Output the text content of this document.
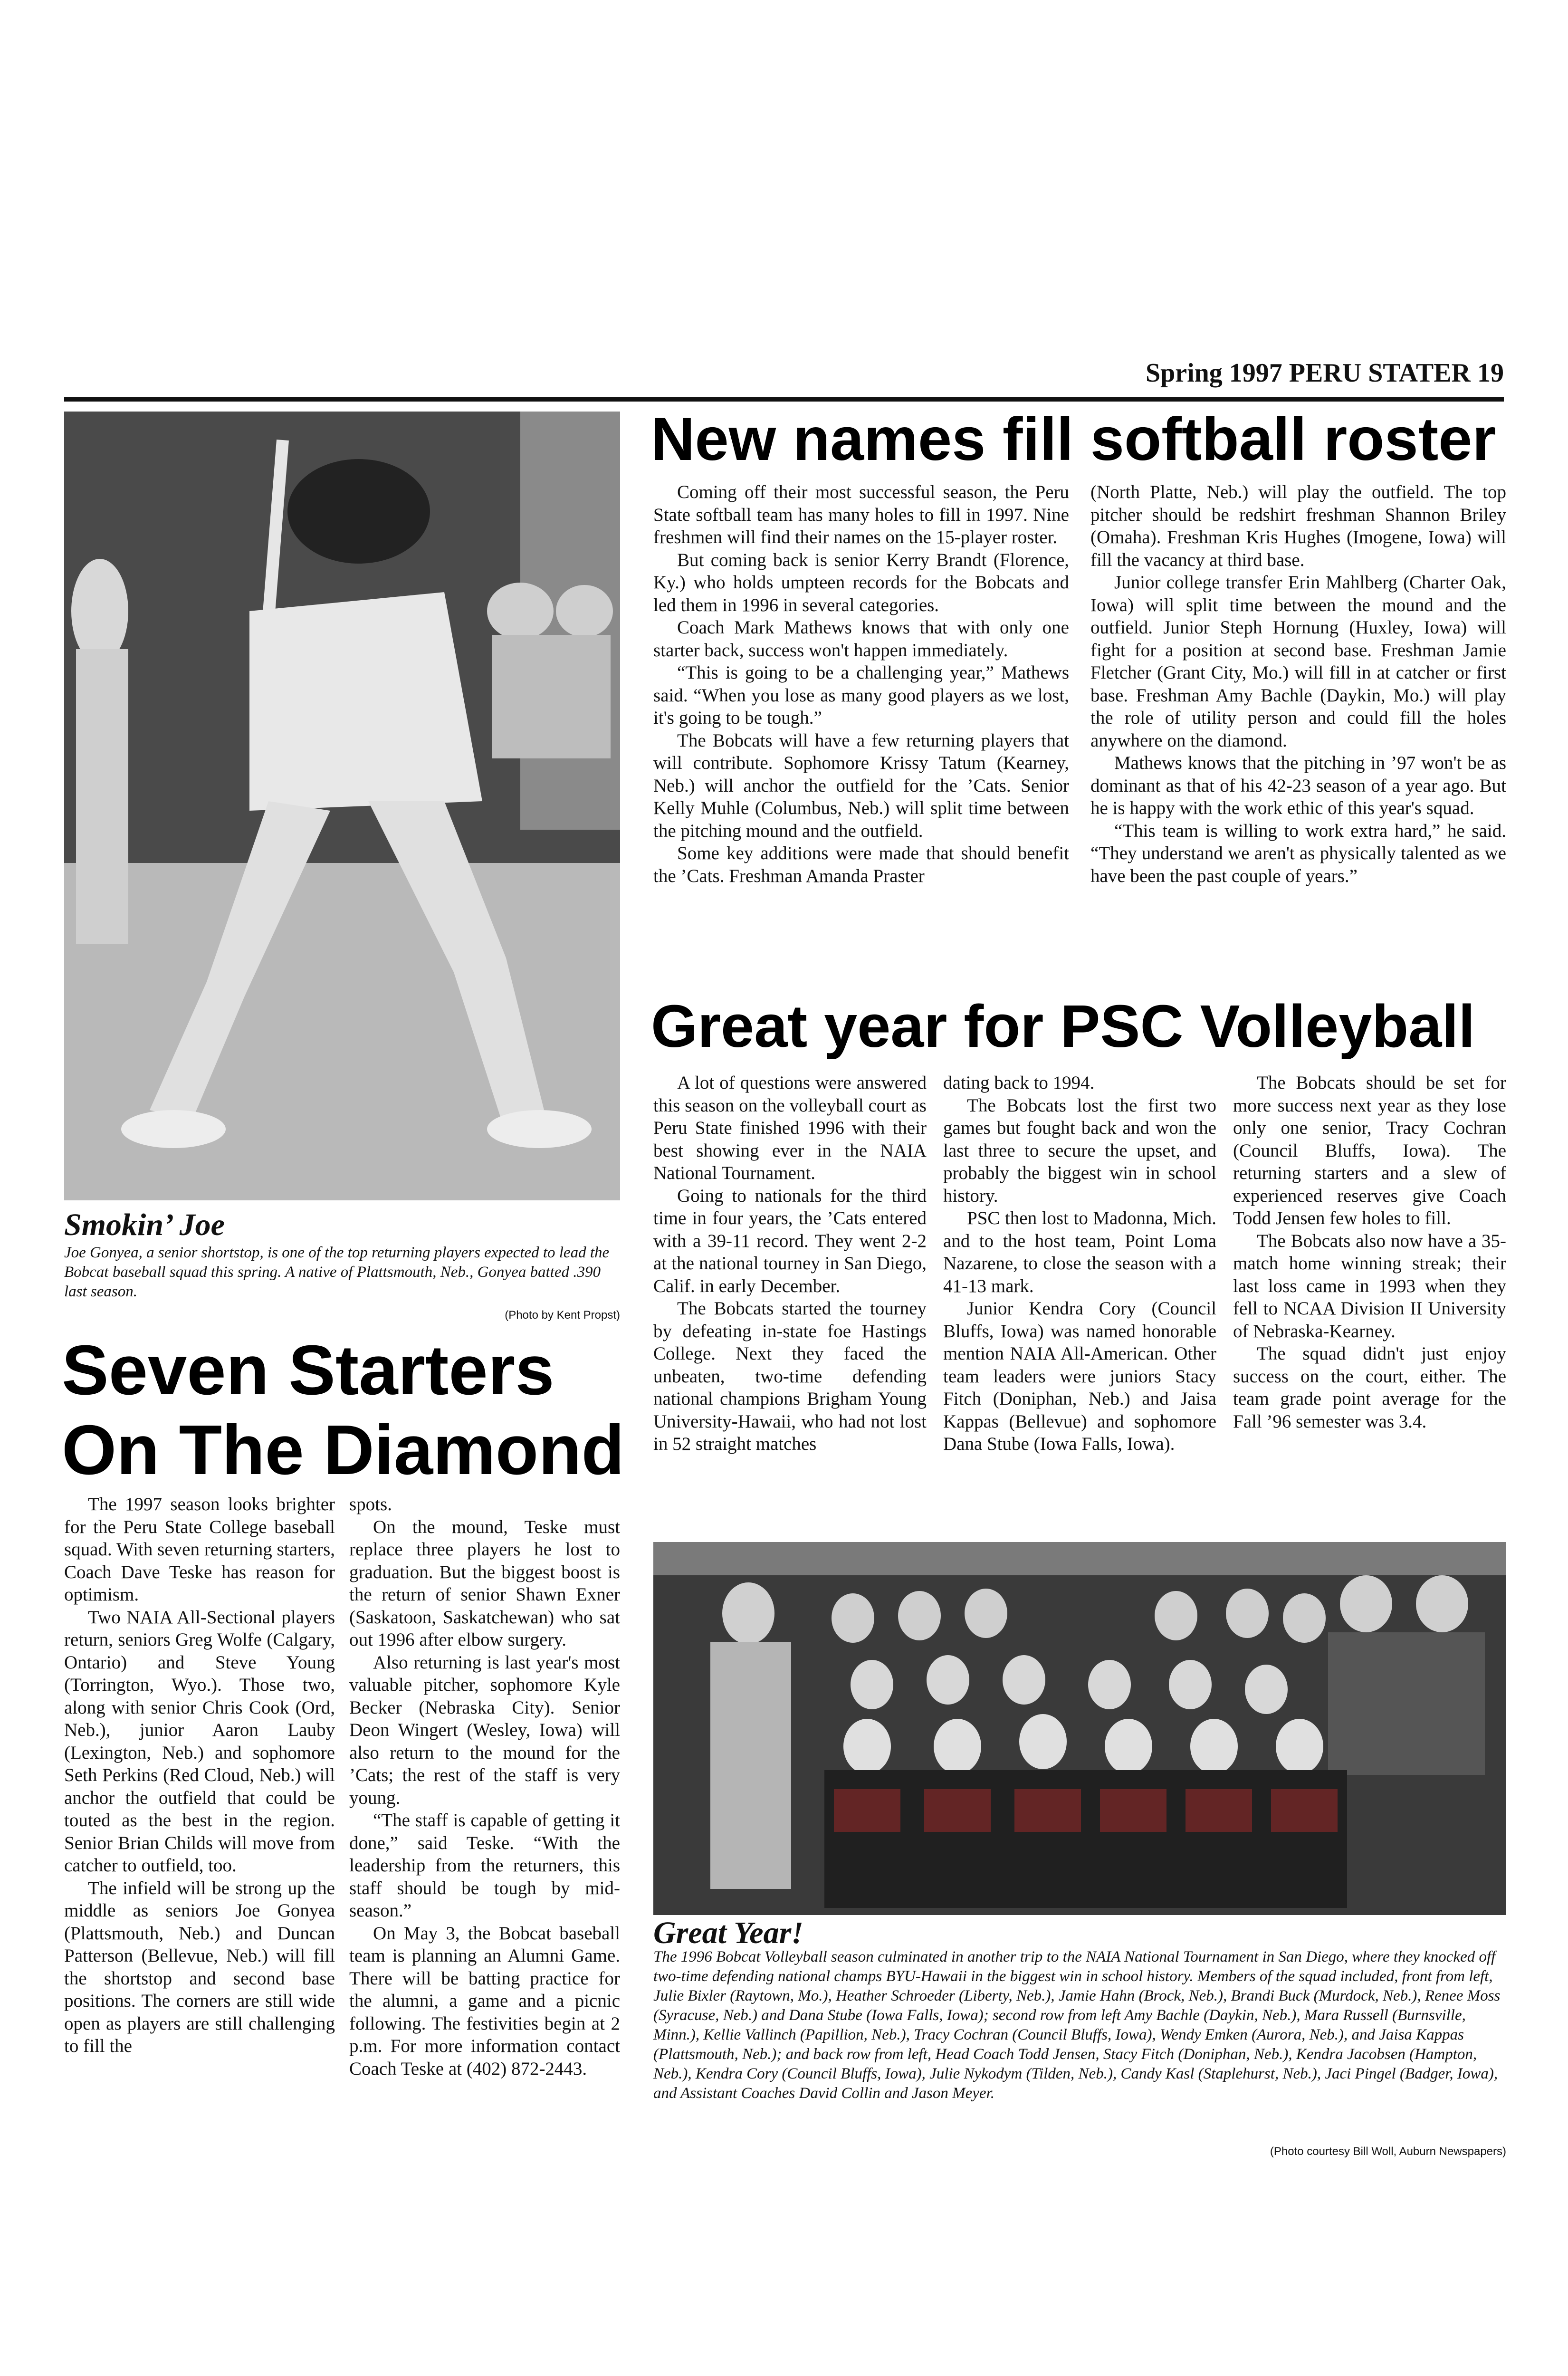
Spring 1997 PERU STATER 19
Smokin’ Joe
Joe Gonyea, a senior shortstop, is one of the top returning players expected to lead the Bobcat baseball squad this spring. A native of Plattsmouth, Neb., Gonyea batted .390 last season.
(Photo by Kent Propst)
Seven Starters
On The Diamond

The 1997 season looks brighter for the Peru State College baseball squad. With seven returning starters, Coach Dave Teske has reason for optimism.

Two NAIA All-Sectional players return, seniors Greg Wolfe (Calgary, Ontario) and Steve Young (Torrington, Wyo.). Those two, along with senior Chris Cook (Ord, Neb.), junior Aaron Lauby (Lexington, Neb.) and sophomore Seth Perkins (Red Cloud, Neb.) will anchor the outfield that could be touted as the best in the region. Senior Brian Childs will move from catcher to outfield, too.

The infield will be strong up the middle as seniors Joe Gonyea (Plattsmouth, Neb.) and Duncan Patterson (Bellevue, Neb.) will fill the shortstop and second base positions. The corners are still wide open as players are still challenging to fill the

spots.

On the mound, Teske must replace three players he lost to graduation. But the biggest boost is the return of senior Shawn Exner (Saskatoon, Saskatchewan) who sat out 1996 after elbow surgery.

Also returning is last year's most valuable pitcher, sophomore Kyle Becker (Nebraska City). Senior Deon Wingert (Wesley, Iowa) will also return to the mound for the ’Cats; the rest of the staff is very young.

“The staff is capable of getting it done,” said Teske. “With the leadership from the returners, this staff should be tough by mid-season.”

On May 3, the Bobcat baseball team is planning an Alumni Game. There will be batting practice for the alumni, a game and a picnic following. The festivities begin at 2 p.m. For more information contact Coach Teske at (402) 872-2443.

New names fill softball roster

Coming off their most successful season, the Peru State softball team has many holes to fill in 1997. Nine freshmen will find their names on the 15-player roster.

But coming back is senior Kerry Brandt (Florence, Ky.) who holds umpteen records for the Bobcats and led them in 1996 in several categories.

Coach Mark Mathews knows that with only one starter back, success won't happen immediately.

“This is going to be a challenging year,” Mathews said. “When you lose as many good players as we lost, it's going to be tough.”

The Bobcats will have a few returning players that will contribute. Sophomore Krissy Tatum (Kearney, Neb.) will anchor the outfield for the ’Cats. Senior Kelly Muhle (Columbus, Neb.) will split time between the pitching mound and the outfield.

Some key additions were made that should benefit the ’Cats. Freshman Amanda Praster

(North Platte, Neb.) will play the outfield. The top pitcher should be redshirt freshman Shannon Briley (Omaha). Freshman Kris Hughes (Imogene, Iowa) will fill the vacancy at third base.

Junior college transfer Erin Mahlberg (Charter Oak, Iowa) will split time between the mound and the outfield. Junior Steph Hornung (Huxley, Iowa) will fight for a position at second base. Freshman Jamie Fletcher (Grant City, Mo.) will fill in at catcher or first base. Freshman Amy Bachle (Daykin, Mo.) will play the role of utility person and could fill the holes anywhere on the diamond.

Mathews knows that the pitching in ’97 won't be as dominant as that of his 42-23 season of a year ago. But he is happy with the work ethic of this year's squad.

“This team is willing to work extra hard,” he said. “They understand we aren't as physically talented as we have been the past couple of years.”

Great year for PSC Volleyball

A lot of questions were answered this season on the volleyball court as Peru State finished 1996 with their best showing ever in the NAIA National Tournament.

Going to nationals for the third time in four years, the ’Cats entered with a 39-11 record. They went 2-2 at the national tourney in San Diego, Calif. in early December.

The Bobcats started the tourney by defeating in-state foe Hastings College. Next they faced the unbeaten, two-time defending national champions Brigham Young University-Hawaii, who had not lost in 52 straight matches

dating back to 1994.

The Bobcats lost the first two games but fought back and won the last three to secure the upset, and probably the biggest win in school history.

PSC then lost to Madonna, Mich. and to the host team, Point Loma Nazarene, to close the season with a 41-13 mark.

Junior Kendra Cory (Council Bluffs, Iowa) was named honorable mention NAIA All-American. Other team leaders were juniors Stacy Fitch (Doniphan, Neb.) and Jaisa Kappas (Bellevue) and sophomore Dana Stube (Iowa Falls, Iowa).

The Bobcats should be set for more success next year as they lose only one senior, Tracy Cochran (Council Bluffs, Iowa). The returning starters and a slew of experienced reserves give Coach Todd Jensen few holes to fill.

The Bobcats also now have a 35-match home winning streak; their last loss came in 1993 when they fell to NCAA Division II University of Nebraska-Kearney.

The squad didn't just enjoy success on the court, either. The team grade point average for the Fall ’96 semester was 3.4.

Great Year!
The 1996 Bobcat Volleyball season culminated in another trip to the NAIA National Tournament in San Diego, where they knocked off two-time defending national champs BYU-Hawaii in the biggest win in school history. Members of the squad included, front from left, Julie Bixler (Raytown, Mo.), Heather Schroeder (Liberty, Neb.), Jamie Hahn (Brock, Neb.), Brandi Buck (Murdock, Neb.), Renee Moss (Syracuse, Neb.) and Dana Stube (Iowa Falls, Iowa); second row from left Amy Bachle (Daykin, Neb.), Mara Russell (Burnsville, Minn.), Kellie Vallinch (Papillion, Neb.), Tracy Cochran (Council Bluffs, Iowa), Wendy Emken (Aurora, Neb.), and Jaisa Kappas (Plattsmouth, Neb.); and back row from left, Head Coach Todd Jensen, Stacy Fitch (Doniphan, Neb.), Kendra Jacobsen (Hampton, Neb.), Kendra Cory (Council Bluffs, Iowa), Julie Nykodym (Tilden, Neb.), Candy Kasl (Staplehurst, Neb.), Jaci Pingel (Badger, Iowa), and Assistant Coaches David Collin and Jason Meyer.
(Photo courtesy Bill Woll, Auburn Newspapers)
